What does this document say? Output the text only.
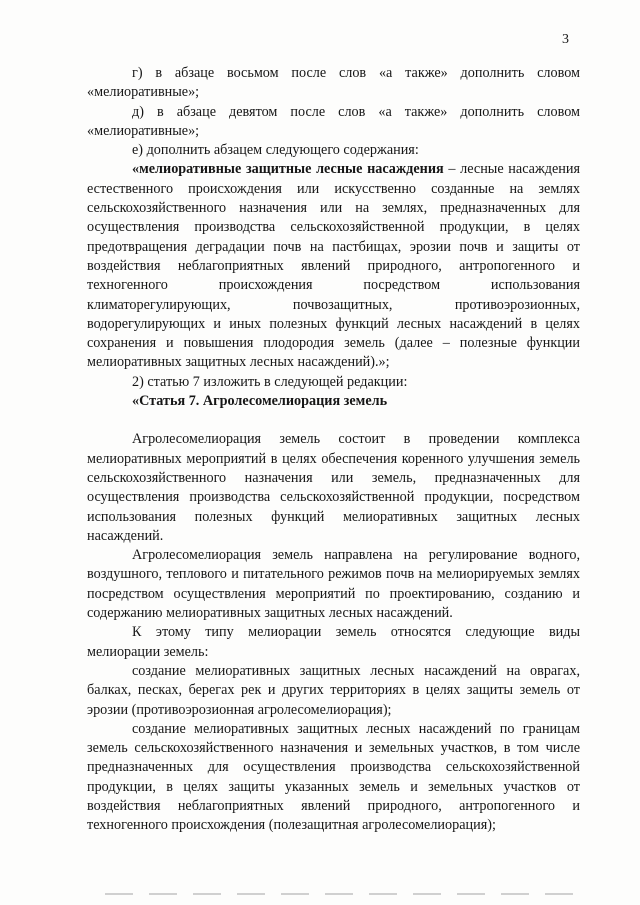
3

г) в абзаце восьмом после слов «а также» дополнить словом «мелиоративные»;

д) в абзаце девятом после слов «а также» дополнить словом «мелиоративные»;

е) дополнить абзацем следующего содержания:

«мелиоративные защитные лесные насаждения – лесные насаждения естественного происхождения или искусственно созданные на землях сельскохозяйственного назначения или на землях, предназначенных для осуществления производства сельскохозяйственной продукции, в целях предотвращения деградации почв на пастбищах, эрозии почв и защиты от воздействия неблагоприятных явлений природного, антропогенного и техногенного происхождения посредством использования климаторегулирующих, почвозащитных, противоэрозионных, водорегулирующих и иных полезных функций лесных насаждений в целях сохранения и повышения плодородия земель (далее – полезные функции мелиоративных защитных лесных насаждений).»;

2) статью 7 изложить в следующей редакции:

«Статья 7. Агролесомелиорация земель

Агролесомелиорация земель состоит в проведении комплекса мелиоративных мероприятий в целях обеспечения коренного улучшения земель сельскохозяйственного назначения или земель, предназначенных для осуществления производства сельскохозяйственной продукции, посредством использования полезных функций мелиоративных защитных лесных насаждений.

Агролесомелиорация земель направлена на регулирование водного, воздушного, теплового и питательного режимов почв на мелиорируемых землях посредством осуществления мероприятий по проектированию, созданию и содержанию мелиоративных защитных лесных насаждений.

К этому типу мелиорации земель относятся следующие виды мелиорации земель:

создание мелиоративных защитных лесных насаждений на оврагах, балках, песках, берегах рек и других территориях в целях защиты земель от эрозии (противоэрозионная агролесомелиорация);

создание мелиоративных защитных лесных насаждений по границам земель сельскохозяйственного назначения и земельных участков, в том числе предназначенных для осуществления производства сельскохозяйственной продукции, в целях защиты указанных земель и земельных участков от воздействия неблагоприятных явлений природного, антропогенного и техногенного происхождения (полезащитная агролесомелиорация);
